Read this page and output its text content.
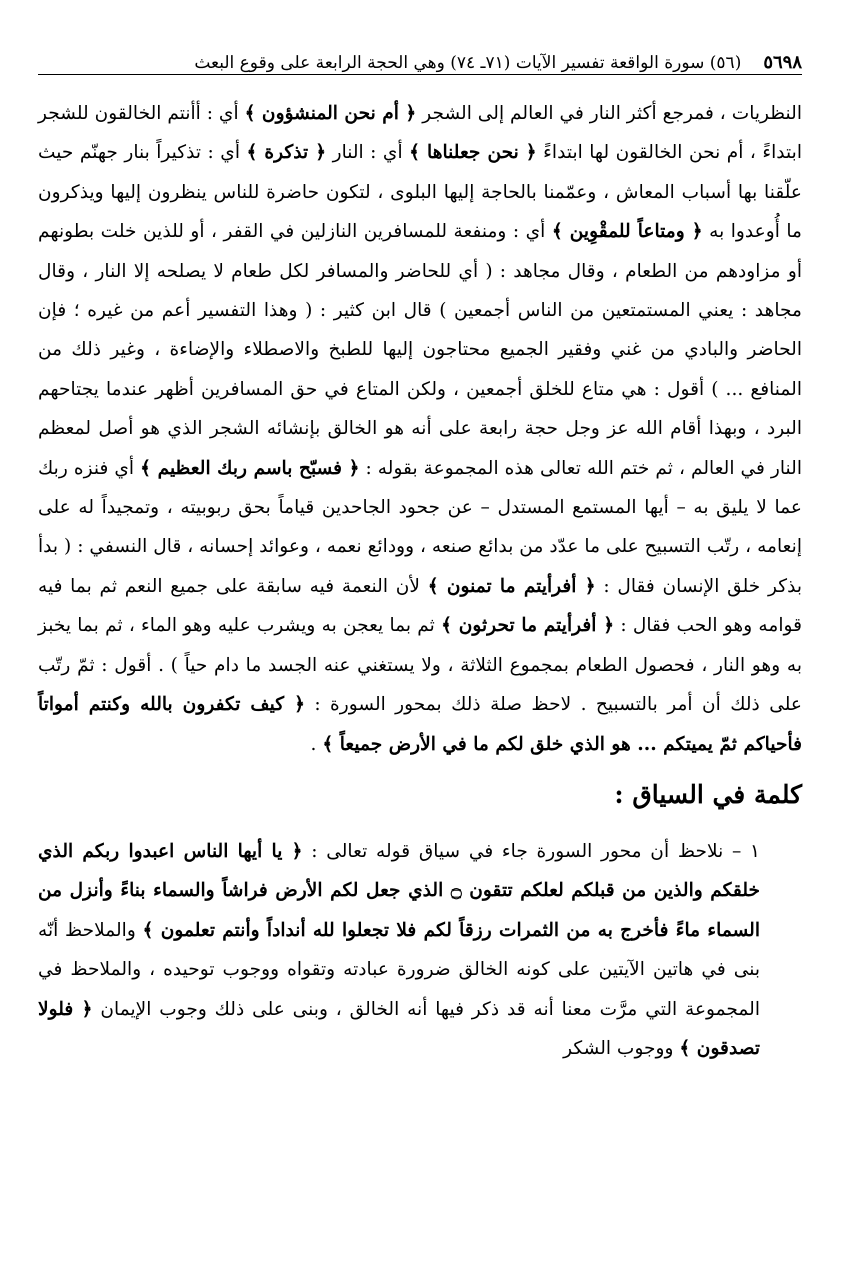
٥٦٩٨
(٥٦) سورة الواقعة تفسير الآيات (٧١ـ ٧٤) وهي الحجة الرابعة على وقوع البعث

النظريات ، فمرجع أكثر النار في العالم إلى الشجر ﴿ أم نحن المنشؤون ﴾ أي : أأنتم الخالقون للشجر ابتداءً ، أم نحن الخالقون لها ابتداءً ﴿ نحن جعلناها ﴾ أي : النار ﴿ تذكرة ﴾ أي : تذكيراً بنار جهنّم حيث علّقنا بها أسباب المعاش ، وعمّمنا بالحاجة إليها البلوى ، لتكون حاضرة للناس ينظرون إليها ويذكرون ما أُوعدوا به ﴿ ومتاعاً للمقْوِين ﴾ أي : ومنفعة للمسافرين النازلين في القفر ، أو للذين خلت بطونهم أو مزاودهم من الطعام ، وقال مجاهد : ( أي للحاضر والمسافر لكل طعام لا يصلحه إلا النار ، وقال مجاهد : يعني المستمتعين من الناس أجمعين ) قال ابن كثير : ( وهذا التفسير أعم من غيره ؛ فإن الحاضر والبادي من غني وفقير الجميع محتاجون إليها للطبخ والاصطلاء والإضاءة ، وغير ذلك من المنافع ... ) أقول : هي متاع للخلق أجمعين ، ولكن المتاع في حق المسافرين أظهر عندما يجتاحهم البرد ، وبهذا أقام الله عز وجل حجة رابعة على أنه هو الخالق بإنشائه الشجر الذي هو أصل لمعظم النار في العالم ، ثم ختم الله تعالى هذه المجموعة بقوله : ﴿ فسبّح باسم ربك العظيم ﴾ أي فنزه ربك عما لا يليق به – أيها المستمع المستدل – عن جحود الجاحدين قياماً بحق ربوبيته ، وتمجيداً له على إنعامه ، رتّب التسبيح على ما عدّد من بدائع صنعه ، وودائع نعمه ، وعوائد إحسانه ، قال النسفي : ( بدأ بذكر خلق الإنسان فقال : ﴿ أفرأيتم ما تمنون ﴾ لأن النعمة فيه سابقة على جميع النعم ثم بما فيه قوامه وهو الحب فقال : ﴿ أفرأيتم ما تحرثون ﴾ ثم بما يعجن به ويشرب عليه وهو الماء ، ثم بما يخبز به وهو النار ، فحصول الطعام بمجموع الثلاثة ، ولا يستغني عنه الجسد ما دام حياً ) . أقول : ثمّ رتّب على ذلك أن أمر بالتسبيح . لاحظ صلة ذلك بمحور السورة : ﴿ كيف تكفرون بالله وكنتم أمواتاً فأحياكم ثمّ يميتكم ... هو الذي خلق لكم ما في الأرض جميعاً ﴾ .

كلمة في السياق :

١ – نلاحظ أن محور السورة جاء في سياق قوله تعالى : ﴿ يا أيها الناس اعبدوا ربكم الذي خلقكم والذين من قبلكم لعلكم تتقون ۝ الذي جعل لكم الأرض فراشاً والسماء بناءً وأنزل من السماء ماءً فأخرج به من الثمرات رزقاً لكم فلا تجعلوا لله أنداداً وأنتم تعلمون ﴾ والملاحظ أنّه بنى في هاتين الآيتين على كونه الخالق ضرورة عبادته وتقواه ووجوب توحيده ، والملاحظ في المجموعة التي مرَّت معنا أنه قد ذكر فيها أنه الخالق ، وبنى على ذلك وجوب الإيمان ﴿ فلولا تصدقون ﴾ ووجوب الشكر
